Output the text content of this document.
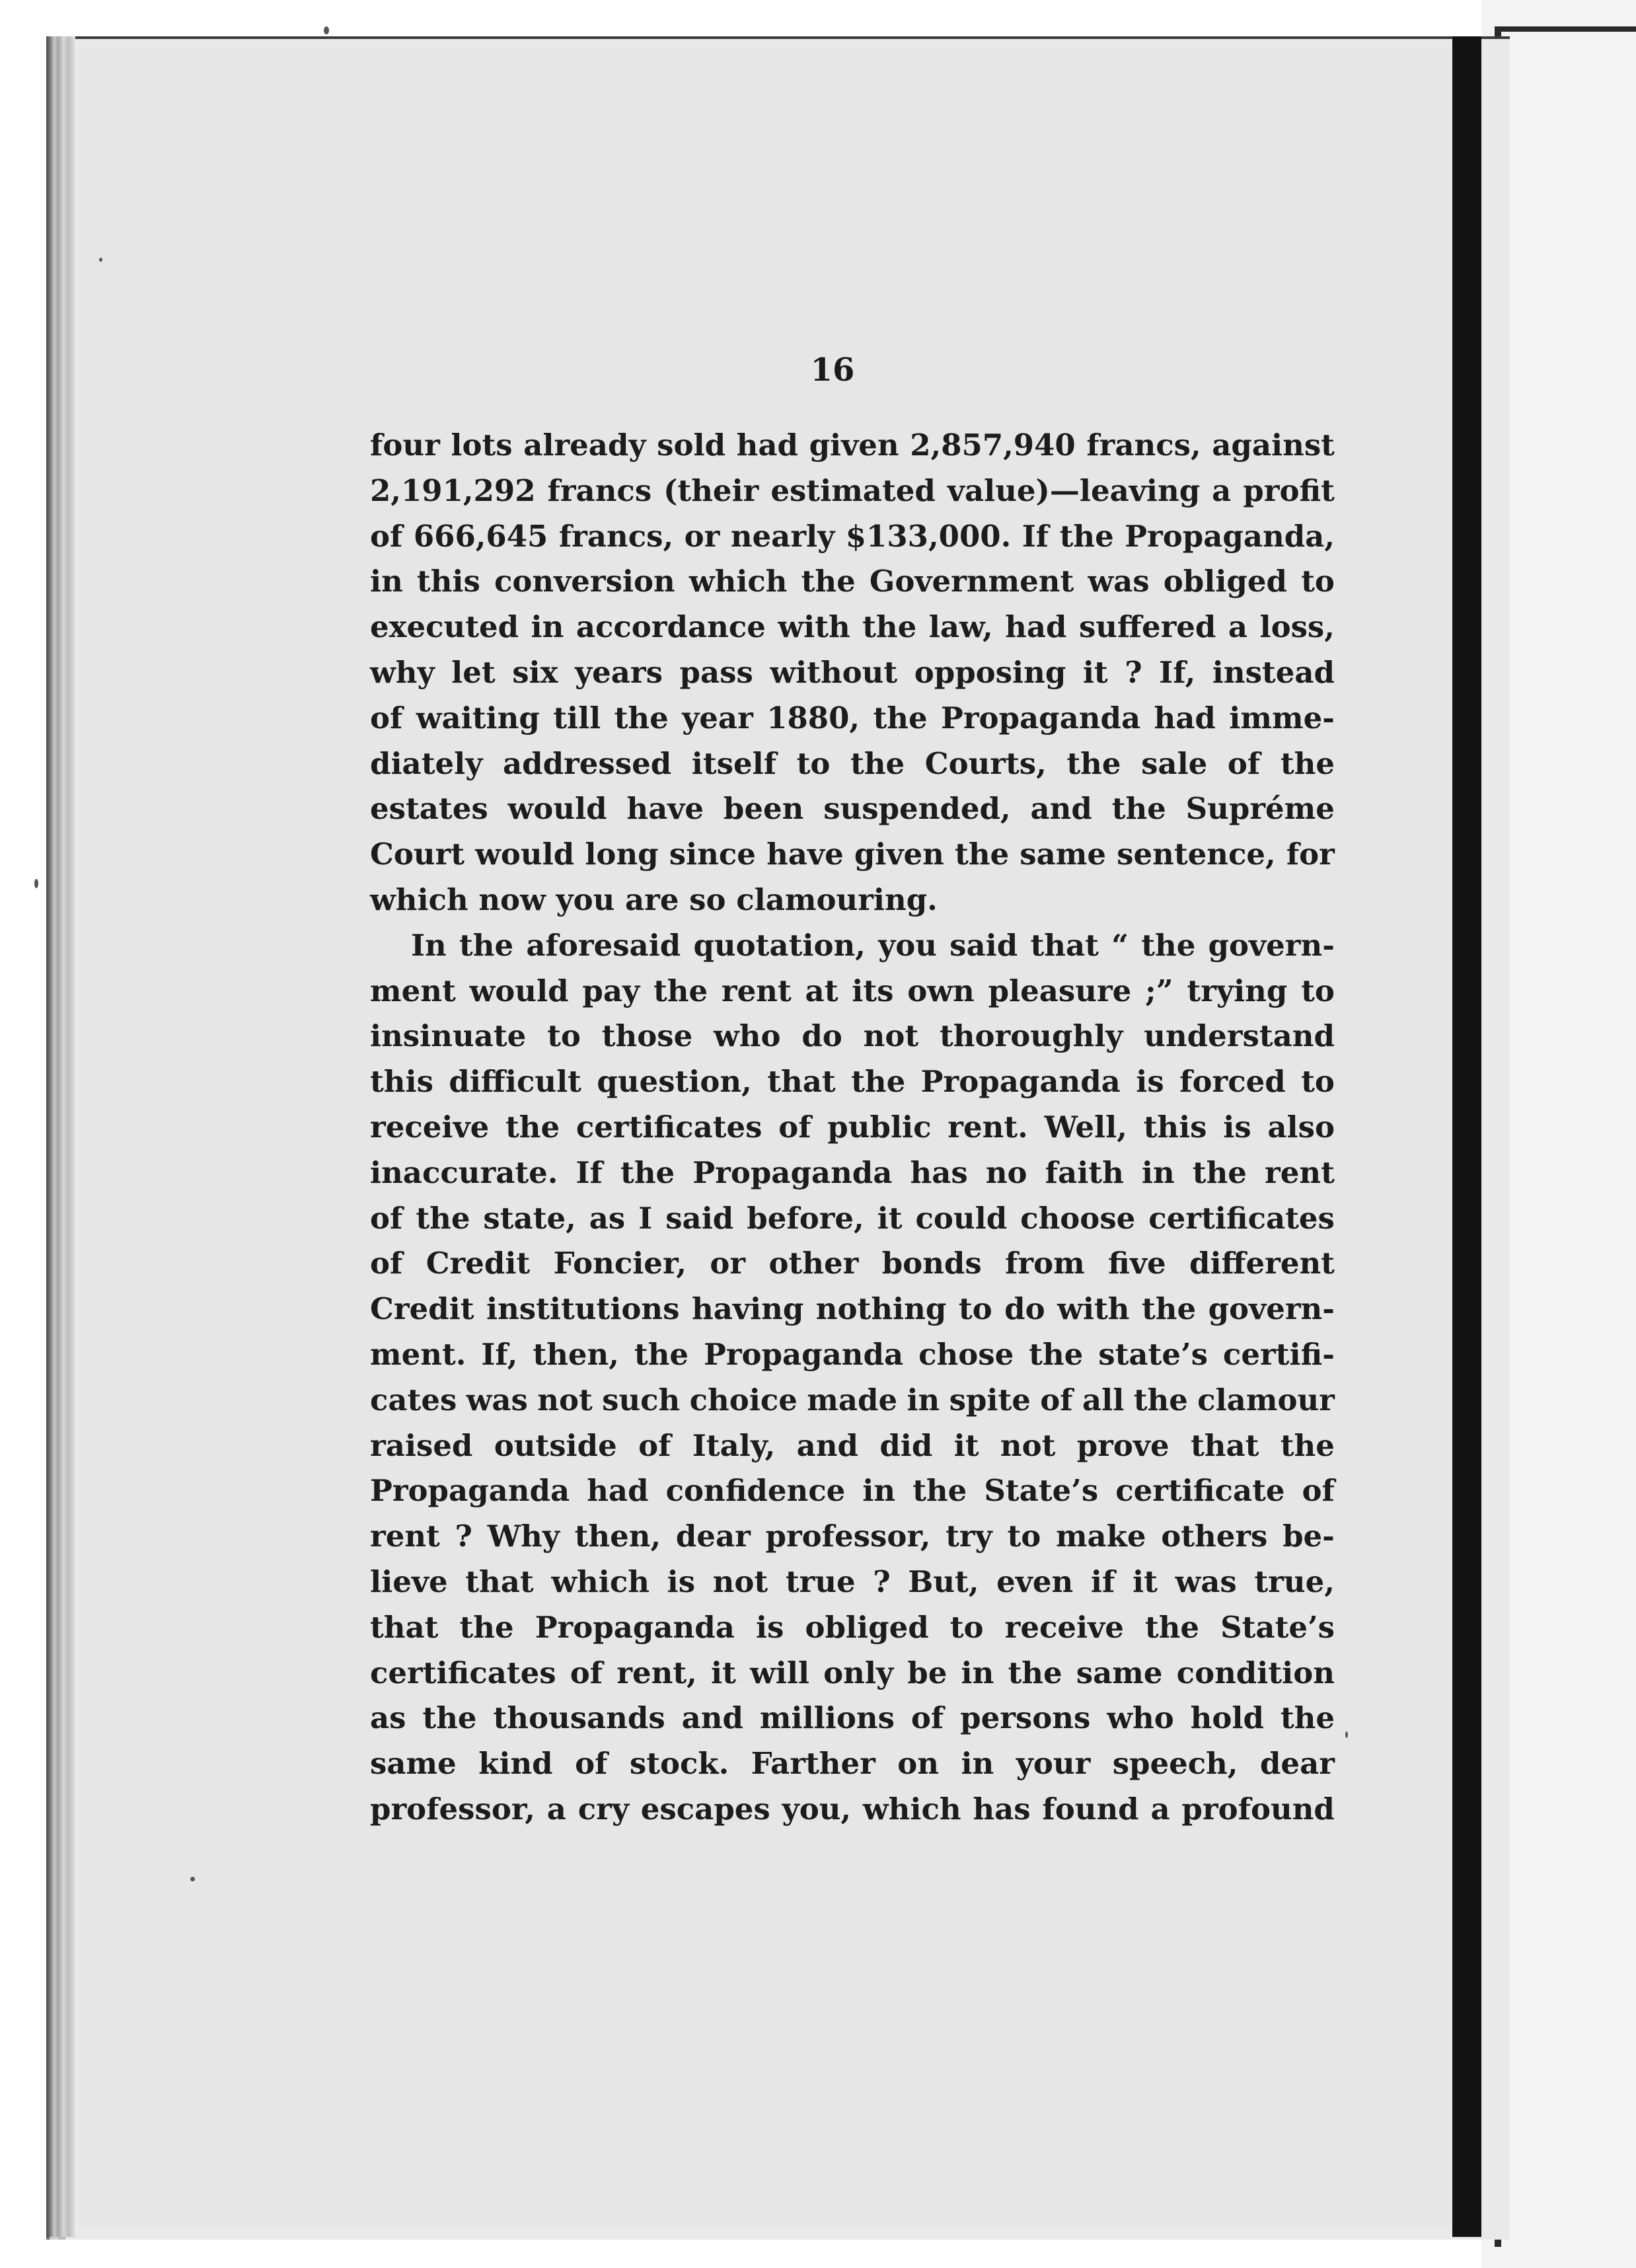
16
four lots already sold had given 2,857,940 francs, against
2,191,292 francs (their estimated value)—leaving a profit
of 666,645 francs, or nearly $133,000. If the Propaganda,
in this conversion which the Government was obliged to
executed in accordance with the law, had suffered a loss,
why let six years pass without opposing it ? If, instead
of waiting till the year 1880, the Propaganda had imme-
diately addressed itself to the Courts, the sale of the
estates would have been suspended, and the Supréme
Court would long since have given the same sentence, for
which now you are so clamouring.
In the aforesaid quotation, you said that “ the govern-
ment would pay the rent at its own pleasure ;” trying to
insinuate to those who do not thoroughly understand
this difficult question, that the Propaganda is forced to
receive the certificates of public rent. Well, this is also
inaccurate. If the Propaganda has no faith in the rent
of the state, as I said before, it could choose certificates
of Credit Foncier, or other bonds from five different
Credit institutions having nothing to do with the govern-
ment. If, then, the Propaganda chose the state’s certifi-
cates was not such choice made in spite of all the clamour
raised outside of Italy, and did it not prove that the
Propaganda had confidence in the State’s certificate of
rent ? Why then, dear professor, try to make others be-
lieve that which is not true ? But, even if it was true,
that the Propaganda is obliged to receive the State’s
certificates of rent, it will only be in the same condition
as the thousands and millions of persons who hold the
same kind of stock. Farther on in your speech, dear
professor, a cry escapes you, which has found a profound
